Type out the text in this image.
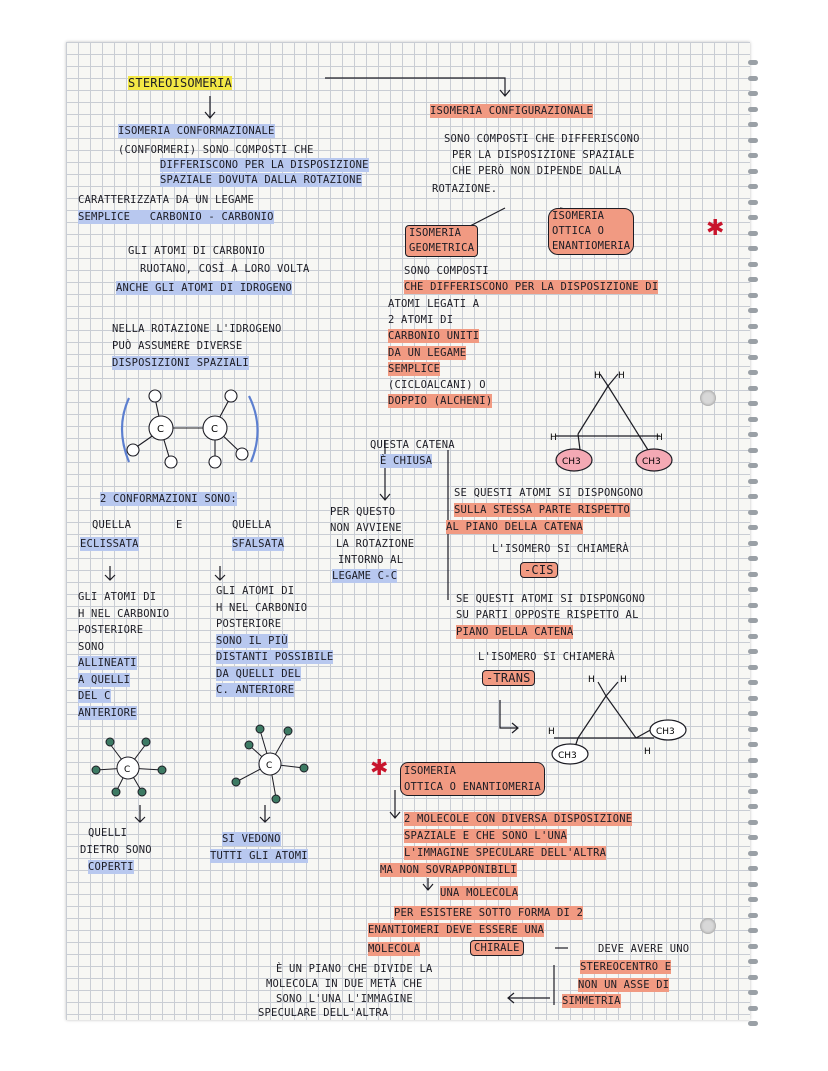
STEREOISOMERIA
ISOMERIA CONFORMAZIONALE
(CONFORMERI) SONO COMPOSTI CHE
DIFFERISCONO PER LA DISPOSIZIONE
SPAZIALE DOVUTA DALLA ROTAZIONE
CARATTERIZZATA DA UN LEGAME
SEMPLICE   CARBONIO - CARBONIO
GLI ATOMI DI CARBONIO
RUOTANO, COSÌ A LORO VOLTA
ANCHE GLI ATOMI DI IDROGENO
NELLA ROTAZIONE L'IDROGENO
PUÒ ASSUMERE DIVERSE
DISPOSIZIONI SPAZIALI
C	C
2 CONFORMAZIONI SONO:
QUELLA
ECLISSATA
E	QUELLA
SFALSATA
GLI ATOMI DI
H NEL CARBONIO
POSTERIORE
SONO
ALLINEATI
A QUELLI
DEL C
ANTERIORE
GLI ATOMI DI
H NEL CARBONIO
POSTERIORE
SONO IL PIÙ
DISTANTI POSSIBILE
DA QUELLI DEL
C. ANTERIORE
C	C
QUELLI
DIETRO SONO
COPERTI
SI VEDONO
TUTTI GLI ATOMI
ISOMERIA CONFIGURAZIONALE
SONO COMPOSTI CHE DIFFERISCONO
PER LA DISPOSIZIONE SPAZIALE
CHE PERÒ NON DIPENDE DALLA
ROTAZIONE.
ISOMERIA
GEOMETRICA
ISOMERIA
OTTICA O
ENANTIOMERIA
✱
SONO COMPOSTI
CHE DIFFERISCONO PER LA DISPOSIZIONE DI
ATOMI LEGATI A
2 ATOMI DI
CARBONIO UNITI
DA UN LEGAME
SEMPLICE
(CICLOALCANI) O
DOPPIO (ALCHENI)
QUESTA CATENA
È CHIUSA
H H
H	H
CH3	CH3
PER QUESTO
NON AVVIENE
LA ROTAZIONE
INTORNO AL
LEGAME C-C
SE QUESTI ATOMI SI DISPONGONO
SULLA STESSA PARTE RISPETTO
AL PIANO DELLA CATENA
L'ISOMERO SI CHIAMERÀ
-CIS
SE QUESTI ATOMI SI DISPONGONO
SU PARTI OPPOSTE RISPETTO AL
PIANO DELLA CATENA
L'ISOMERO SI CHIAMERÀ
-TRANS	H	H
H
H
CH3
CH3
✱	ISOMERIA
OTTICA O ENANTIOMERIA
2 MOLECOLE CON DIVERSA DISPOSIZIONE
SPAZIALE E CHE SONO L'UNA
L'IMMAGINE SPECULARE DELL'ALTRA
MA NON SOVRAPPONIBILI
UNA MOLECOLA
PER ESISTERE SOTTO FORMA DI 2
ENANTIOMERI DEVE ESSERE UNA
MOLECOLA	CHIRALE	DEVE AVERE UNO
STEREOCENTRO E
NON UN ASSE DI
SIMMETRIA
È UN PIANO CHE DIVIDE LA
MOLECOLA IN DUE METÀ CHE
SONO L'UNA L'IMMAGINE
SPECULARE DELL'ALTRA
